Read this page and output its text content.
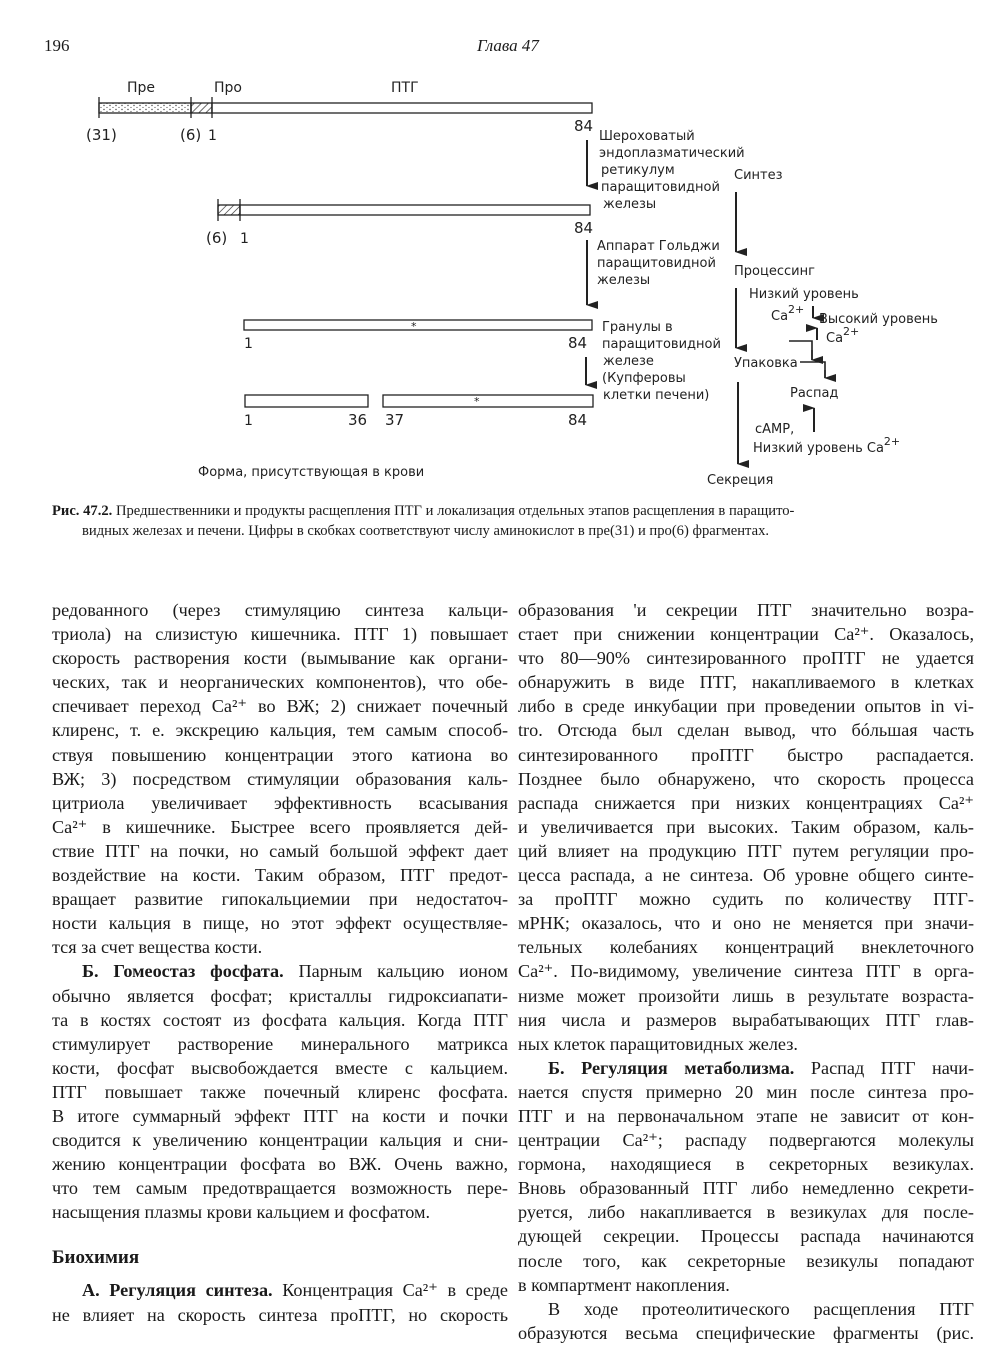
196	Глава 47
Пре	Про	ПТГ
(31)	(6) 1
84
Шероховатый
эндоплазматический
ретикулум
паращитовидной
железы
(6) 1
84
Аппарат Гольджи
паращитовидной
железы
*
1	84
Гранулы в
паращитовидной
железе
(Купферовы
клетки печени)
*
1	36 37	84
Форма, присутствующая в крови
Синтез
Процессинг
Низкий уровень
$Ca^{2+}$
Высокий уровень
$Ca^{2+}$
Упаковка
Распад
cAMP,
Низкий уровень $Ca^{2+}$
Секреция
Рис. 47.2. Предшественники и продукты расщепления ПТГ и локализация отдельных этапов расщепления в паращито-
видных железах и печени. Цифры в скобках соответствуют числу аминокислот в пре(31) и про(6) фрагментах.

редованного (через стимуляцию синтеза кальци-
триола) на слизистую кишечника. ПТГ 1) повышает
скорость растворения кости (вымывание как органи-
ческих, так и неорганических компонентов), что обе-
спечивает переход Ca²⁺ во ВЖ; 2) снижает почечный
клиренс, т. е. экскрецию кальция, тем самым способ-
ствуя повышению концентрации этого катиона во
ВЖ; 3) посредством стимуляции образования каль-
цитриола увеличивает эффективность всасывания
Ca²⁺ в кишечнике. Быстрее всего проявляется дей-
ствие ПТГ на почки, но самый большой эффект дает
воздействие на кости. Таким образом, ПТГ предот-
вращает развитие гипокальциемии при недостаточ-
ности кальция в пище, но этот эффект осуществляе-
тся за счет вещества кости.

Б. Гомеостаз фосфата. Парным кальцию ионом
обычно является фосфат; кристаллы гидроксиапати-
та в костях состоят из фосфата кальция. Когда ПТГ
стимулирует растворение минерального матрикса
кости, фосфат высвобождается вместе с кальцием.
ПТГ повышает также почечный клиренс фосфата.
В итоге суммарный эффект ПТГ на кости и почки
сводится к увеличению концентрации кальция и сни-
жению концентрации фосфата во ВЖ. Очень важно,
что тем самым предотвращается возможность пере-
насыщения плазмы крови кальцием и фосфатом.

Биохимия

А. Регуляция синтеза. Концентрация Ca²⁺ в среде
не влияет на скорость синтеза проПТГ, но скорость

образования 'и секреции ПТГ значительно возра-
стает при снижении концентрации Ca²⁺. Оказалось,
что 80—90% синтезированного проПТГ не удается
обнаружить в виде ПТГ, накапливаемого в клетках
либо в среде инкубации при проведении опытов in vi-
tro. Отсюда был сделан вывод, что бóльшая часть
синтезированного проПТГ быстро распадается.
Позднее было обнаружено, что скорость процесса
распада снижается при низких концентрациях Ca²⁺
и увеличивается при высоких. Таким образом, каль-
ций влияет на продукцию ПТГ путем регуляции про-
цесса распада, а не синтеза. Об уровне общего синте-
за проПТГ можно судить по количеству ПТГ-
мРНК; оказалось, что и оно не меняется при значи-
тельных колебаниях концентраций внеклеточного
Ca²⁺. По-видимому, увеличение синтеза ПТГ в орга-
низме может произойти лишь в результате возраста-
ния числа и размеров вырабатывающих ПТГ глав-
ных клеток паращитовидных желез.

Б. Регуляция метаболизма. Распад ПТГ начи-
нается спустя примерно 20 мин после синтеза про-
ПТГ и на первоначальном этапе не зависит от кон-
центрации Ca²⁺; распаду подвергаются молекулы
гормона, находящиеся в секреторных везикулах.
Вновь образованный ПТГ либо немедленно секрети-
руется, либо накапливается в везикулах для после-
дующей секреции. Процессы распада начинаются
после того, как секреторные везикулы попадают
в компартмент накопления.

В ходе протеолитического расщепления ПТГ
образуются весьма специфические фрагменты (рис.
